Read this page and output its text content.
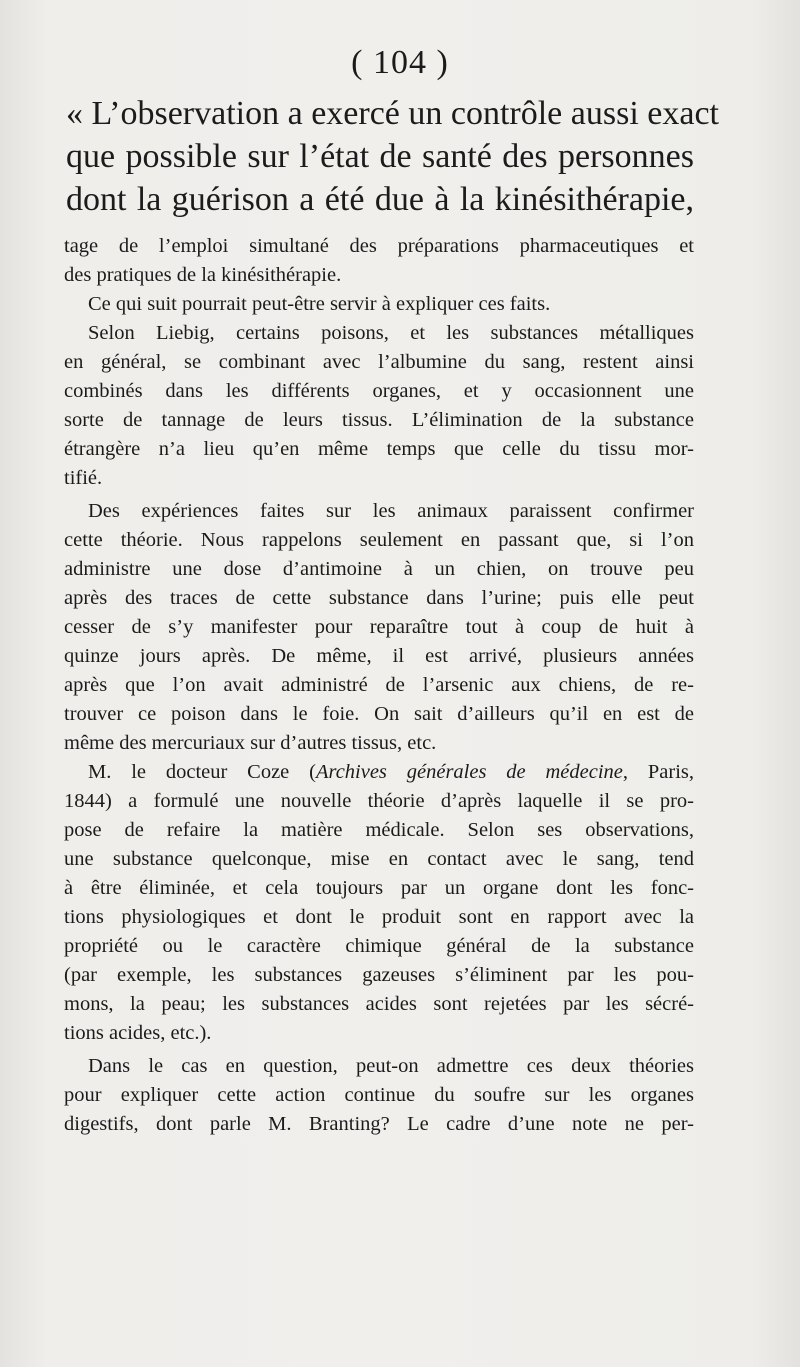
( 104 )
« L’observation a exercé un contrôle aussi exact
que possible sur l’état de santé des personnes
dont la guérison a été due à la kinésithérapie,
tage de l’emploi simultané des préparations pharmaceutiques et
des pratiques de la kinésithérapie.
Ce qui suit pourrait peut-être servir à expliquer ces faits.
Selon Liebig, certains poisons, et les substances métalliques
en général, se combinant avec l’albumine du sang, restent ainsi
combinés dans les différents organes, et y occasionnent une
sorte de tannage de leurs tissus. L’élimination de la substance
étrangère n’a lieu qu’en même temps que celle du tissu mor-
tifié.
Des expériences faites sur les animaux paraissent confirmer
cette théorie. Nous rappelons seulement en passant que, si l’on
administre une dose d’antimoine à un chien, on trouve peu
après des traces de cette substance dans l’urine; puis elle peut
cesser de s’y manifester pour reparaître tout à coup de huit à
quinze jours après. De même, il est arrivé, plusieurs années
après que l’on avait administré de l’arsenic aux chiens, de re-
trouver ce poison dans le foie. On sait d’ailleurs qu’il en est de
même des mercuriaux sur d’autres tissus, etc.
M. le docteur Coze (Archives générales de médecine, Paris,
1844) a formulé une nouvelle théorie d’après laquelle il se pro-
pose de refaire la matière médicale. Selon ses observations,
une substance quelconque, mise en contact avec le sang, tend
à être éliminée, et cela toujours par un organe dont les fonc-
tions physiologiques et dont le produit sont en rapport avec la
propriété ou le caractère chimique général de la substance
(par exemple, les substances gazeuses s’éliminent par les pou-
mons, la peau; les substances acides sont rejetées par les sécré-
tions acides, etc.).
Dans le cas en question, peut-on admettre ces deux théories
pour expliquer cette action continue du soufre sur les organes
digestifs, dont parle M. Branting? Le cadre d’une note ne per-
